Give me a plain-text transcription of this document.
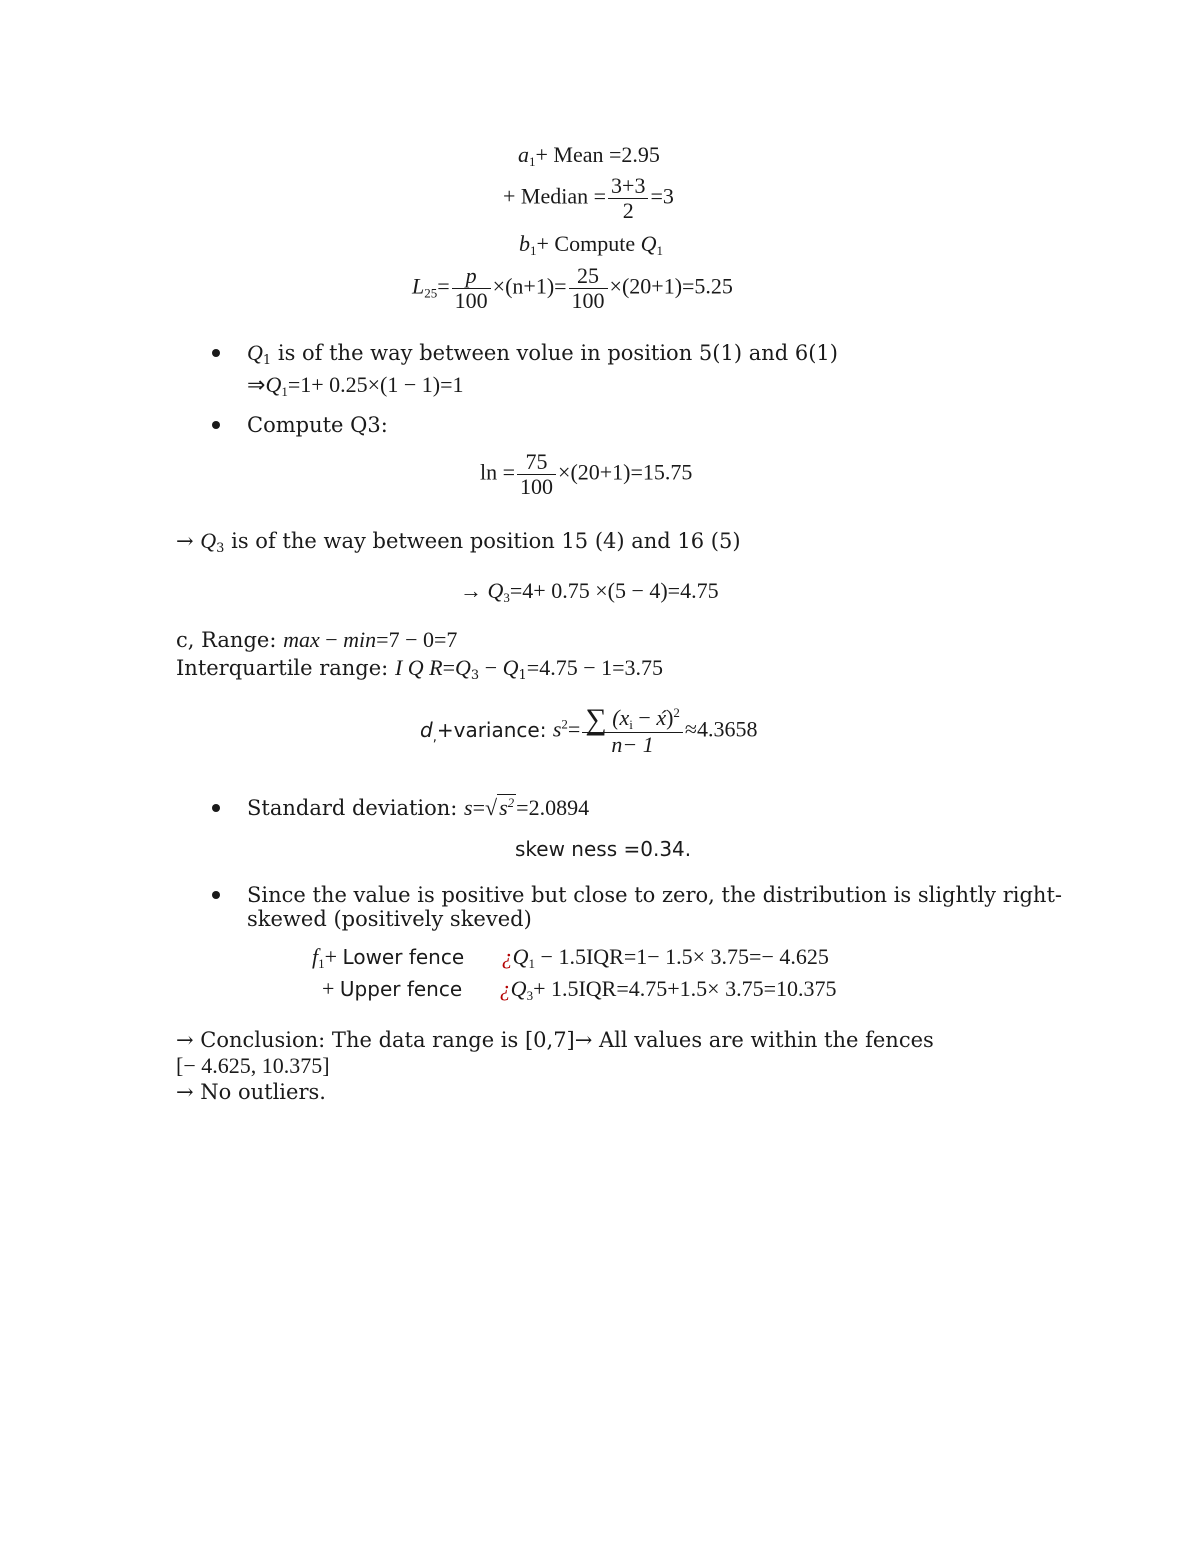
$a_1+$ Mean =2.95
+ Median = $\frac{3+3}{2} =3$
$b_1+$ Compute $Q_1$
$L_{25}= \frac{p}{100} \times(n+1)= \frac{25}{100} \times(20+1)=5.25$
$Q_1$ is of the way between volue in position 5(1) and 6(1)
$\Rightarrow Q_1=1+ 0.25\times(1 - 1)=1$
Compute Q3:
$\ln = \frac{75}{100} \times(20+1)=15.75$
→ $Q_3$ is of the way between position 15 (4) and 16 (5)
→ $Q_3=4+ 0.75 \times(5 - 4)=4.75$
c, Range: max − min=7 − 0=7
Interquartile range: I Q $R=Q_3 - Q_1=4.75 - 1=3.75$
$d_,+variance$: $s^2= \frac{\sum (x_i - x́)^2}{n- 1} \approx 4.3658$
Standard deviation: $s=√s^2=2.0894$
skew ness =0.34.
Since the value is positive but close to zero, the distribution is slightly right-
skewed (positively skeved)
$f_1+$ Lower fence ¿$Q_1 - 1.5IQR=1- 1.5\times 3.75=- 4.625$
+ Upper fence ¿$Q_3+ 1.5IQR=4.75+1.5\times 3.75=10.375$
→ Conclusion: The data range is [0,7]→ All values are within the fences
[− 4.625, 10.375]
→ No outliers.
